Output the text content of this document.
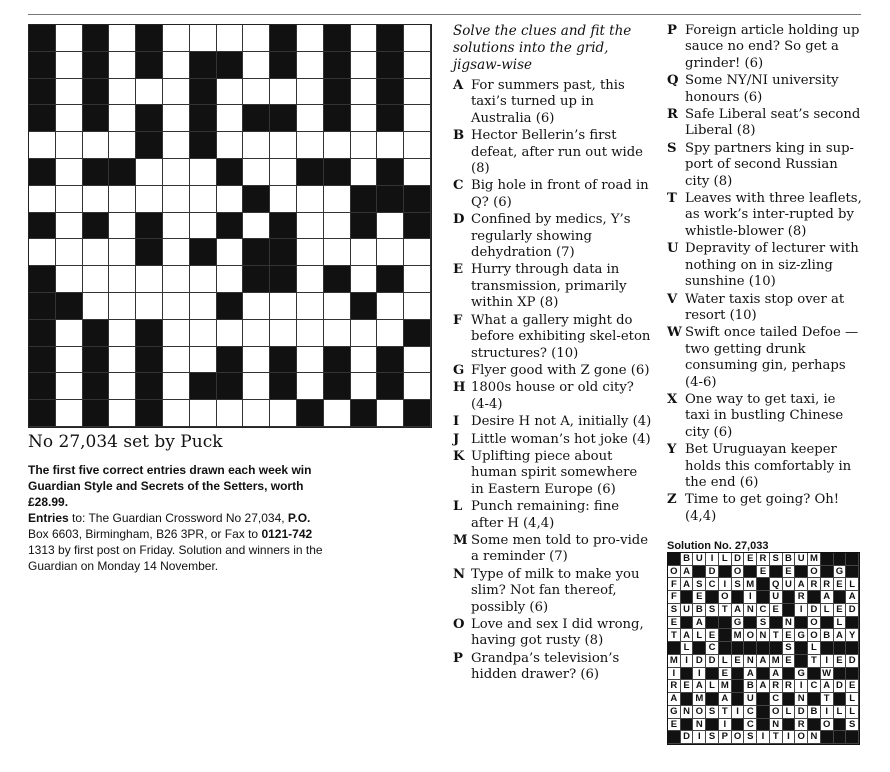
No 27,034 set by Puck
The first five correct entries drawn each week win Guardian Style and Secrets of the Setters, worth £28.99.
Entries to: The Guardian Crossword No 27,034, P.O. Box 6603, Birmingham, B26 3PR, or Fax to 0121-742 1313 by first post on Friday. Solution and winners in the Guardian on Monday 14 November.
Solve the clues and fit the solutions into the grid, jigsaw-wise
A For summers past, this taxi’s turned up in Australia (6)
B Hector Bellerin’s first defeat, after run out wide (8)
C Big hole in front of road in Q? (6)
D Confined by medics, Y’s regularly showing dehydration (7)
E Hurry through data in transmission, primarily within XP (8)
F What a gallery might do before exhibiting skel-eton structures? (10)
G Flyer good with Z gone (6)
H 1800s house or old city? (4-4)
I Desire H not A, initially (4)
J Little woman’s hot joke (4)
K Uplifting piece about human spirit somewhere in Eastern Europe (6)
L Punch remaining: fine after H (4,4)
M Some men told to pro-vide a reminder (7)
N Type of milk to make you slim? Not fan thereof, possibly (6)
O Love and sex I did wrong, having got rusty (8)
P Grandpa’s television’s hidden drawer? (6)
P Foreign article holding up sauce no end? So get a grinder! (6)
Q Some NY/NI university honours (6)
R Safe Liberal seat’s second Liberal (8)
S Spy partners king in sup-port of second Russian city (8)
T Leaves with three leaflets, as work’s inter-rupted by whistle-blower (8)
U Depravity of lecturer with nothing on in siz-zling sunshine (10)
V Water taxis stop over at resort (10)
W Swift once tailed Defoe — two getting drunk consuming gin, perhaps (4-6)
X One way to get taxi, ie taxi in bustling Chinese city (6)
Y Bet Uruguayan keeper holds this comfortably in the end (6)
Z Time to get going? Oh! (4,4)
Solution No. 27,033
B U I L D E R S B U M
O A	D	O	E	E	O	G
F A S C I S M	Q U A R R E L
F	E	O	I	U	R	A	A
S U B S T A N C E	I D L E D
E	A	G	S	N	O	L
T A L E	M O N T E G O B A Y
L	C	S	L
M I D D L E N A M E	T I E D
I	I	E	A	A	G	W
R E A L M	B A R R I C A D E
A	M	A	U	C	N	T	L
G N O S T I C	O L D B I L L
E	N	I	C	N	R	O	S
D I S P O S I T I O N
